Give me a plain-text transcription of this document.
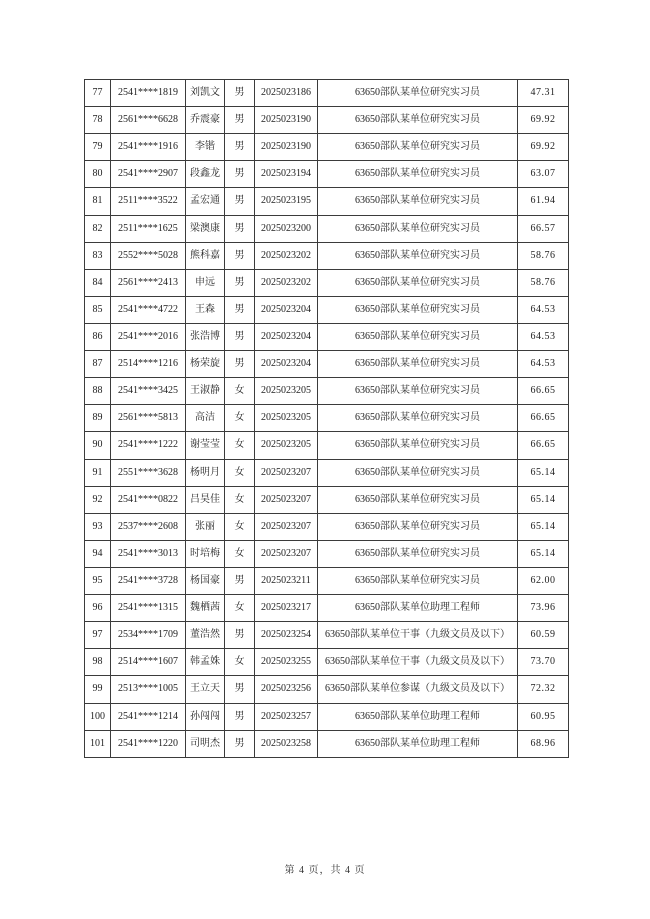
77	2541****1819	刘凯文	男	2025023186	63650部队某单位研究实习员	47.31
78	2561****6628	乔震豪	男	2025023190	63650部队某单位研究实习员	69.92
79	2541****1916	李锴	男	2025023190	63650部队某单位研究实习员	69.92
80	2541****2907	段鑫龙	男	2025023194	63650部队某单位研究实习员	63.07
81	2511****3522	孟宏通	男	2025023195	63650部队某单位研究实习员	61.94
82	2511****1625	梁澳康	男	2025023200	63650部队某单位研究实习员	66.57
83	2552****5028	熊科嘉	男	2025023202	63650部队某单位研究实习员	58.76
84	2561****2413	申远	男	2025023202	63650部队某单位研究实习员	58.76
85	2541****4722	王森	男	2025023204	63650部队某单位研究实习员	64.53
86	2541****2016	张浩博	男	2025023204	63650部队某单位研究实习员	64.53
87	2514****1216	杨荣旋	男	2025023204	63650部队某单位研究实习员	64.53
88	2541****3425	王淑静	女	2025023205	63650部队某单位研究实习员	66.65
89	2561****5813	高洁	女	2025023205	63650部队某单位研究实习员	66.65
90	2541****1222	谢莹莹	女	2025023205	63650部队某单位研究实习员	66.65
91	2551****3628	杨明月	女	2025023207	63650部队某单位研究实习员	65.14
92	2541****0822	吕昊佳	女	2025023207	63650部队某单位研究实习员	65.14
93	2537****2608	张丽	女	2025023207	63650部队某单位研究实习员	65.14
94	2541****3013	时培梅	女	2025023207	63650部队某单位研究实习员	65.14
95	2541****3728	杨国豪	男	2025023211	63650部队某单位研究实习员	62.00
96	2541****1315	魏栖茜	女	2025023217	63650部队某单位助理工程师	73.96
97	2534****1709	董浩然	男	2025023254	63650部队某单位干事（九级文员及以下）	60.59
98	2514****1607	韩孟姝	女	2025023255	63650部队某单位干事（九级文员及以下）	73.70
99	2513****1005	王立天	男	2025023256	63650部队某单位参谋（九级文员及以下）	72.32
100	2541****1214	孙闯闯	男	2025023257	63650部队某单位助理工程师	60.95
101	2541****1220	司明杰	男	2025023258	63650部队某单位助理工程师	68.96
第 4 页，共 4 页
